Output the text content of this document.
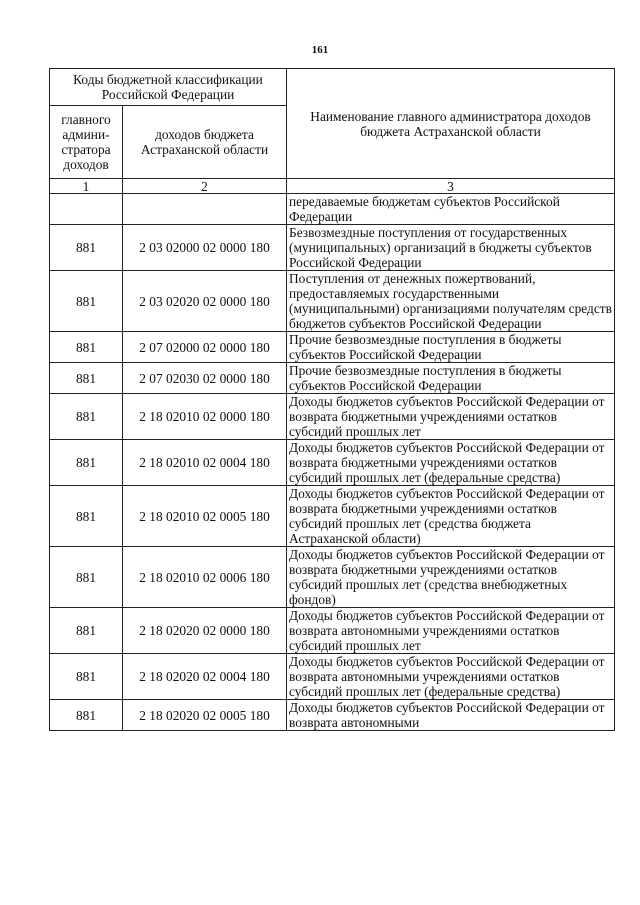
161
Коды бюджетной классификации Российской Федерации		Наименование главного администратора доходов бюджета Астраханской области
главного админи-стратора доходов	доходов бюджета Астраханской области	
1	2	3
		передаваемые бюджетам субъектов Российской Федерации
881	2 03 02000 02 0000 180	Безвозмездные поступления от государственных (муниципальных) организаций в бюджеты субъектов Российской Федерации
881	2 03 02020 02 0000 180	Поступления от денежных пожертвований, предоставляемых государственными (муниципальными) организациями получателям средств бюджетов субъектов Российской Федерации
881	2 07 02000 02 0000 180	Прочие безвозмездные поступления в бюджеты субъектов Российской Федерации
881	2 07 02030 02 0000 180	Прочие безвозмездные поступления в бюджеты субъектов Российской Федерации
881	2 18 02010 02 0000 180	Доходы бюджетов субъектов Российской Федерации от возврата бюджетными учреждениями остатков субсидий прошлых лет
881	2 18 02010 02 0004 180	Доходы бюджетов субъектов Российской Федерации от возврата бюджетными учреждениями остатков субсидий прошлых лет (федеральные средства)
881	2 18 02010 02 0005 180	Доходы бюджетов субъектов Российской Федерации от возврата бюджетными учреждениями остатков субсидий прошлых лет (средства бюджета Астраханской области)
881	2 18 02010 02 0006 180	Доходы бюджетов субъектов Российской Федерации от возврата бюджетными учреждениями остатков субсидий прошлых лет (средства внебюджетных фондов)
881	2 18 02020 02 0000 180	Доходы бюджетов субъектов Российской Федерации от возврата автономными учреждениями остатков субсидий прошлых лет
881	2 18 02020 02 0004 180	Доходы бюджетов субъектов Российской Федерации от возврата автономными учреждениями остатков субсидий прошлых лет (федеральные средства)
881	2 18 02020 02 0005 180	Доходы бюджетов субъектов Российской Федерации от возврата автономными
